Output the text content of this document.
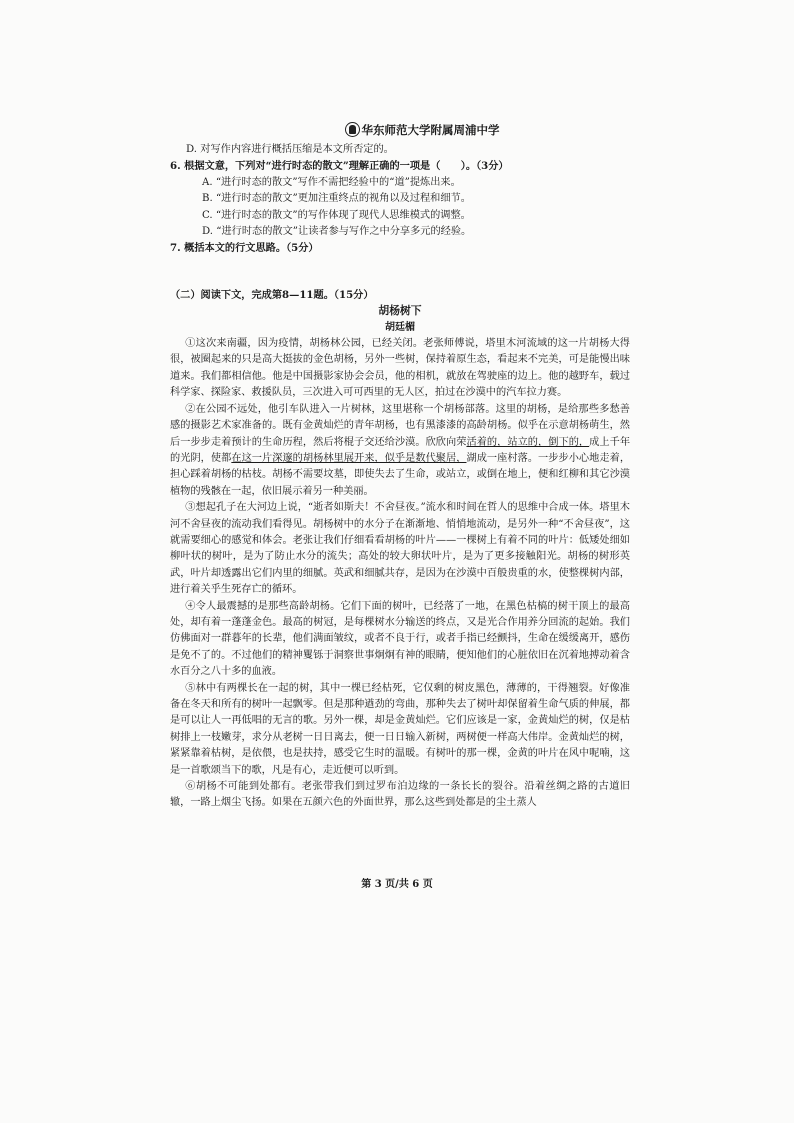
华东师范大学附属周浦中学
D. 对写作内容进行概括压缩是本文所否定的。
6. 根据文意，下列对“进行时态的散文”理解正确的一项是（　　）。（3分）
A. “进行时态的散文”写作不需把经验中的“道”提炼出来。
B. “进行时态的散文”更加注重终点的视角以及过程和细节。
C. “进行时态的散文”的写作体现了现代人思维模式的调整。
D. “进行时态的散文”让读者参与写作之中分享多元的经验。
7. 概括本文的行文思路。（5分）
（二）阅读下文，完成第8—11题。（15分）
胡杨树下
胡廷楣

①这次来南疆，因为疫情，胡杨林公园，已经关闭。老张师傅说，塔里木河流域的这一片胡杨大得很，被圈起来的只是高大挺拔的金色胡杨，另外一些树，保持着原生态，看起来不完美，可是能慢出味道来。我们都相信他。他是中国摄影家协会会员，他的相机，就放在驾驶座的边上。他的越野车，载过科学家、探险家、救援队员，三次进入可可西里的无人区，拍过在沙漠中的汽车拉力赛。

②在公园不远处，他引车队进入一片树林，这里堪称一个胡杨部落。这里的胡杨，是给那些多愁善感的摄影艺术家准备的。既有金黄灿烂的青年胡杨，也有黑漆漆的高龄胡杨。似乎在示意胡杨萌生，然后一步步走着预计的生命历程，然后将棍子交还给沙漠。欣欣向荣活着的，站立的，倒下的，成上千年的光阴，使都在这一片深邃的胡杨林里展开来，似乎是数代聚居，湖成一座村落。一步步小心地走着，担心踩着胡杨的枯枝。胡杨不需要坟墓，即使失去了生命，或站立，或倒在地上，便和红柳和其它沙漠植物的残骸在一起，依旧展示着另一种美丽。

③想起孔子在大河边上说，“逝者如斯夫！不舍昼夜。”流水和时间在哲人的思维中合成一体。塔里木河不舍昼夜的流动我们看得见。胡杨树中的水分子在渐渐地、悄悄地流动，是另外一种“不舍昼夜”，这就需要细心的感觉和体会。老张让我们仔细看看胡杨的叶片——一棵树上有着不同的叶片：低矮处细如柳叶状的树叶，是为了防止水分的流失；高处的较大卵状叶片，是为了更多接触阳光。胡杨的树形英武，叶片却透露出它们内里的细腻。英武和细腻共存，是因为在沙漠中百般贵重的水，使整棵树内部，进行着关乎生死存亡的循环。

④令人最震撼的是那些高龄胡杨。它们下面的树叶，已经落了一地，在黑色枯槁的树干顶上的最高处，却有着一蓬蓬金色。最高的树冠，是每棵树水分输送的终点，又是光合作用养分回流的起始。我们仿佛面对一群暮年的长辈，他们满面皱纹，或者不良于行，或者手指已经颤抖，生命在缓缓离开，感伤是免不了的。不过他们的精神矍铄于洞察世事炯炯有神的眼睛，便知他们的心脏依旧在沉着地搏动着含水百分之八十多的血液。

⑤林中有两棵长在一起的树，其中一棵已经枯死，它仅剩的树皮黑色，薄薄的，干得翘裂。好像准备在冬天和所有的树叶一起飘零。但是那种遒劲的弯曲，那种失去了树叶却保留着生命气质的伸展，都是可以让人一再低唱的无言的歌。另外一棵，却是金黄灿烂。它们应该是一家，金黄灿烂的树，仅是枯树排上一枝嫩芽，求分从老树一日日离去，便一日日输入新树，两树便一样高大伟岸。金黄灿烂的树，紧紧靠着枯树，是依偎，也是扶持，感受它生时的温暖。有树叶的那一棵，金黄的叶片在风中呢喃，这是一首歌颂当下的歌，凡是有心，走近便可以听到。

⑥胡杨不可能到处都有。老张带我们到过罗布泊边缘的一条长长的裂谷。沿着丝绸之路的古道旧辙，一路上烟尘飞扬。如果在五颜六色的外面世界，那么这些到处都是的尘土蒸人

第 3 页/共 6 页
